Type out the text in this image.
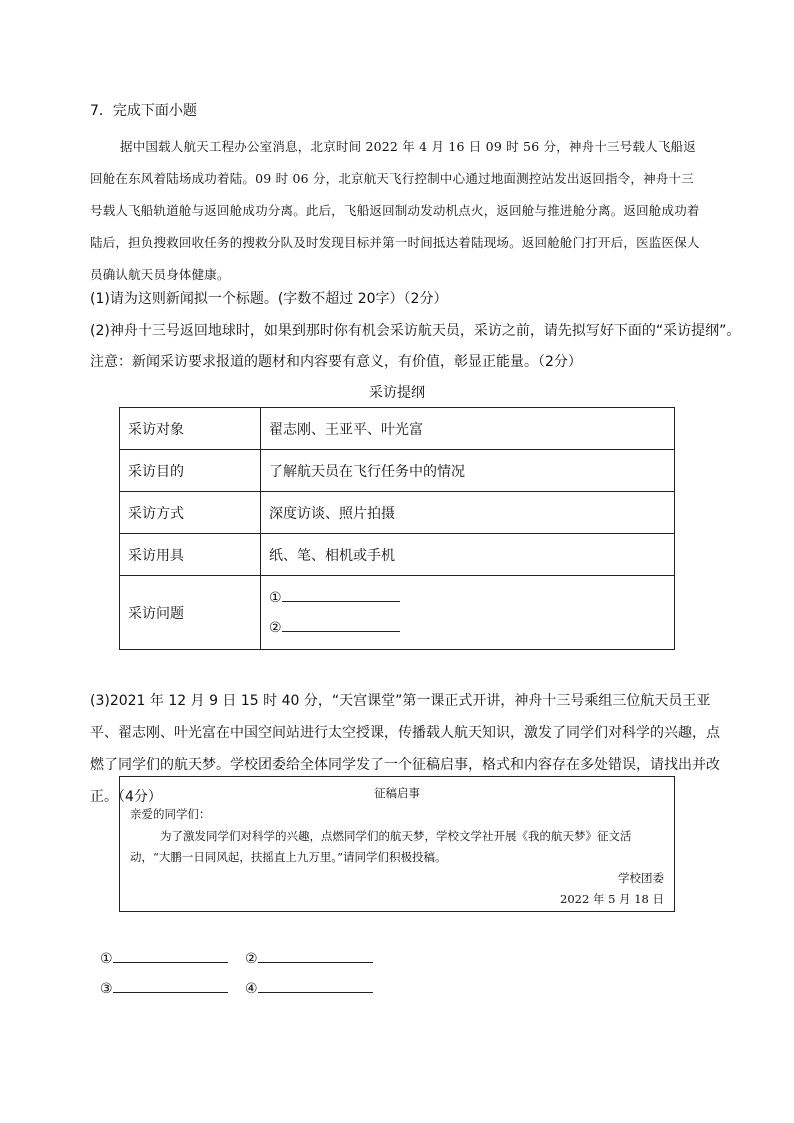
7．完成下面小题
据中国载人航天工程办公室消息，北京时间 2022 年 4 月 16 日 09 时 56 分，神舟十三号载人飞船返回舱在东风着陆场成功着陆。09 时 06 分，北京航天飞行控制中心通过地面测控站发出返回指令，神舟十三号载人飞船轨道舱与返回舱成功分离。此后，飞船返回制动发动机点火，返回舱与推进舱分离。返回舱成功着陆后，担负搜救回收任务的搜救分队及时发现目标并第一时间抵达着陆现场。返回舱舱门打开后，医监医保人员确认航天员身体健康。
(1)请为这则新闻拟一个标题。(字数不超过 20字）（2分）
(2)神舟十三号返回地球时，如果到那时你有机会采访航天员，采访之前，请先拟写好下面的“采访提纲”。
注意：新闻采访要求报道的题材和内容要有意义，有价值，彰显正能量。（2分）
采访提纲
采访对象	翟志刚、王亚平、叶光富
采访目的	了解航天员在飞行任务中的情况
采访方式	深度访谈、照片拍摄
采访用具	纸、笔、相机或手机
采访问题	①
②
(3)2021 年 12 月 9 日 15 时 40 分，“天宫课堂”第一课正式开讲，神舟十三号乘组三位航天员王亚平、翟志刚、叶光富在中国空间站进行太空授课，传播载人航天知识，激发了同学们对科学的兴趣，点燃了同学们的航天梦。学校团委给全体同学发了一个征稿启事，格式和内容存在多处错误，请找出并改正。（4分）	征稿启事
亲爱的同学们：
为了激发同学们对科学的兴趣，点燃同学们的航天梦，学校文学社开展《我的航天梦》征文活动，“大鹏一日同风起，扶摇直上九万里。”请同学们积极投稿。
学校团委
2022 年 5 月 18 日
①	②
③	④
